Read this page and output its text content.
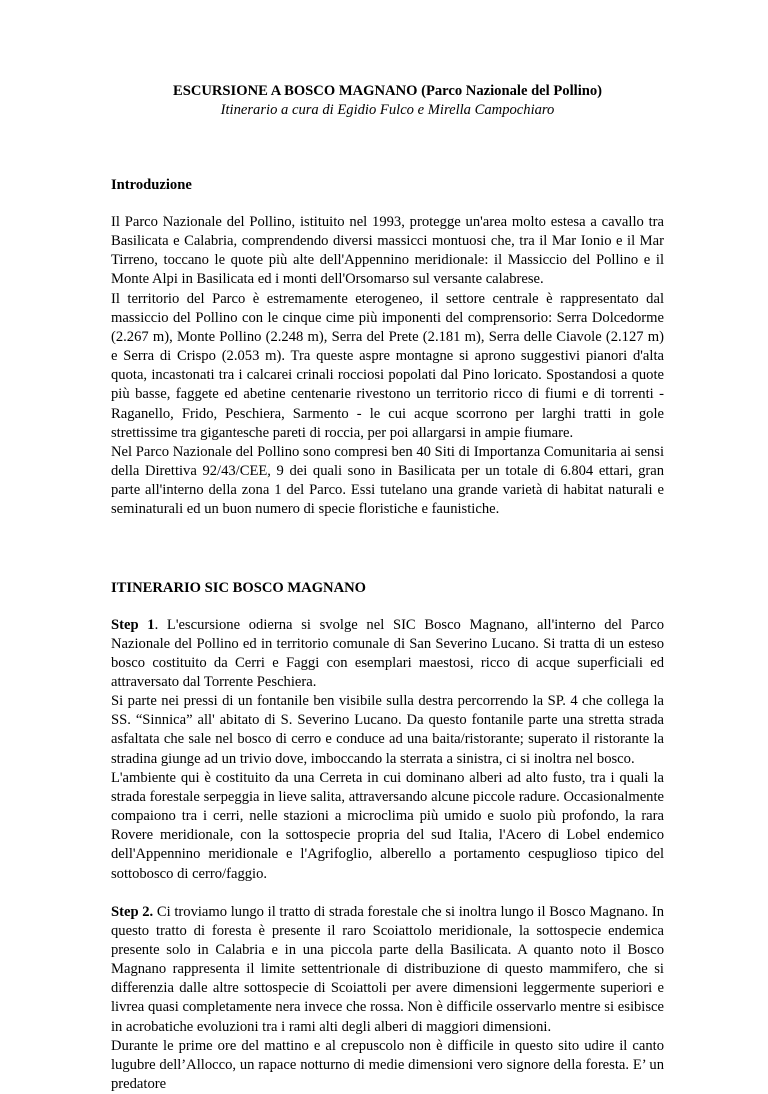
ESCURSIONE A BOSCO MAGNANO (Parco Nazionale del Pollino)
Itinerario a cura di Egidio Fulco e Mirella Campochiaro
Introduzione

Il Parco Nazionale del Pollino, istituito nel 1993, protegge un'area molto estesa a cavallo tra Basilicata e Calabria, comprendendo diversi massicci montuosi che, tra il Mar Ionio e il Mar Tirreno, toccano le quote più alte dell'Appennino meridionale: il Massiccio del Pollino e il Monte Alpi in Basilicata ed i monti dell'Orsomarso sul versante calabrese.

Il territorio del Parco è estremamente eterogeneo, il settore centrale è rappresentato dal massiccio del Pollino con le cinque cime più imponenti del comprensorio: Serra Dolcedorme (2.267 m), Monte Pollino (2.248 m), Serra del Prete (2.181 m), Serra delle Ciavole (2.127 m) e Serra di Crispo (2.053 m). Tra queste aspre montagne si aprono suggestivi pianori d'alta quota, incastonati tra i calcarei crinali rocciosi popolati dal Pino loricato. Spostandosi a quote più basse, faggete ed abetine centenarie rivestono un territorio ricco di fiumi e di torrenti - Raganello, Frido, Peschiera, Sarmento - le cui acque scorrono per larghi tratti in gole strettissime tra gigantesche pareti di roccia, per poi allargarsi in ampie fiumare.

Nel Parco Nazionale del Pollino sono compresi ben 40 Siti di Importanza Comunitaria ai sensi della Direttiva 92/43/CEE, 9 dei quali sono in Basilicata per un totale di 6.804 ettari, gran parte all'interno della zona 1 del Parco. Essi tutelano una grande varietà di habitat naturali e seminaturali ed un buon numero di specie floristiche e faunistiche.

ITINERARIO SIC BOSCO MAGNANO

Step 1. L'escursione odierna si svolge nel SIC Bosco Magnano, all'interno del Parco Nazionale del Pollino ed in territorio comunale di San Severino Lucano. Si tratta di un esteso bosco costituito da Cerri e Faggi con esemplari maestosi, ricco di acque superficiali ed attraversato dal Torrente Peschiera.

Si parte nei pressi di un fontanile ben visibile sulla destra percorrendo la SP. 4 che collega la SS. “Sinnica” all' abitato di S. Severino Lucano. Da questo fontanile parte una stretta strada asfaltata che sale nel bosco di cerro e conduce ad una baita/ristorante; superato il ristorante la stradina giunge ad un trivio dove, imboccando la sterrata a sinistra, ci si inoltra nel bosco.

L'ambiente qui è costituito da una Cerreta in cui dominano alberi ad alto fusto, tra i quali la strada forestale serpeggia in lieve salita, attraversando alcune piccole radure. Occasionalmente compaiono tra i cerri, nelle stazioni a microclima più umido e suolo più profondo, la rara Rovere meridionale, con la sottospecie propria del sud Italia, l'Acero di Lobel endemico dell'Appennino meridionale e l'Agrifoglio, alberello a portamento cespuglioso tipico del sottobosco di cerro/faggio.

Step 2. Ci troviamo lungo il tratto di strada forestale che si inoltra lungo il Bosco Magnano. In questo tratto di foresta è presente il raro Scoiattolo meridionale, la sottospecie endemica presente solo in Calabria e in una piccola parte della Basilicata. A quanto noto il Bosco Magnano rappresenta il limite settentrionale di distribuzione di questo mammifero, che si differenzia dalle altre sottospecie di Scoiattoli per avere dimensioni leggermente superiori e livrea quasi completamente nera invece che rossa. Non è difficile osservarlo mentre si esibisce in acrobatiche evoluzioni tra i rami alti degli alberi di maggiori dimensioni.

Durante le prime ore del mattino e al crepuscolo non è difficile in questo sito udire il canto lugubre dell’Allocco, un rapace notturno di medie dimensioni vero signore della foresta. E’ un predatore
